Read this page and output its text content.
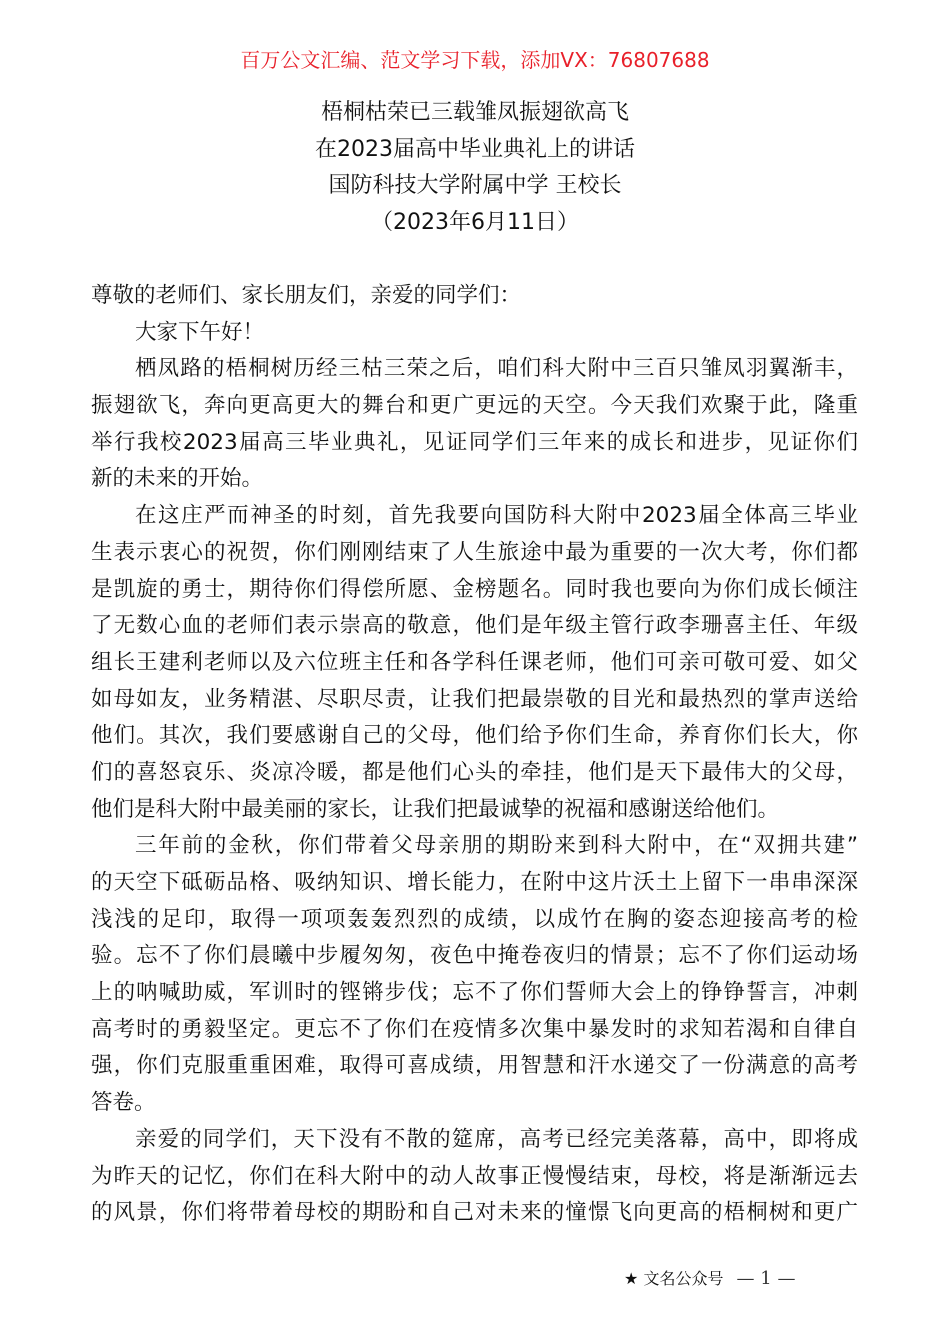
百万公文汇编、范文学习下载，添加VX：76807688
梧桐枯荣已三载雏凤振翅欲高飞
在2023届高中毕业典礼上的讲话
国防科技大学附属中学 王校长
（2023年6月11日）
尊敬的老师们、家长朋友们，亲爱的同学们：
大家下午好！
栖凤路的梧桐树历经三枯三荣之后，咱们科大附中三百只雏凤羽翼渐丰，
振翅欲飞，奔向更高更大的舞台和更广更远的天空。今天我们欢聚于此，隆重
举行我校2023届高三毕业典礼，见证同学们三年来的成长和进步，见证你们
新的未来的开始。
在这庄严而神圣的时刻，首先我要向国防科大附中2023届全体高三毕业
生表示衷心的祝贺，你们刚刚结束了人生旅途中最为重要的一次大考，你们都
是凯旋的勇士，期待你们得偿所愿、金榜题名。同时我也要向为你们成长倾注
了无数心血的老师们表示崇高的敬意，他们是年级主管行政李珊喜主任、年级
组长王建利老师以及六位班主任和各学科任课老师，他们可亲可敬可爱、如父
如母如友，业务精湛、尽职尽责，让我们把最崇敬的目光和最热烈的掌声送给
他们。其次，我们要感谢自己的父母，他们给予你们生命，养育你们长大，你
们的喜怒哀乐、炎凉冷暖，都是他们心头的牵挂，他们是天下最伟大的父母，
他们是科大附中最美丽的家长，让我们把最诚挚的祝福和感谢送给他们。
三年前的金秋，你们带着父母亲朋的期盼来到科大附中，在“双拥共建”
的天空下砥砺品格、吸纳知识、增长能力，在附中这片沃土上留下一串串深深
浅浅的足印，取得一项项轰轰烈烈的成绩，以成竹在胸的姿态迎接高考的检
验。忘不了你们晨曦中步履匆匆，夜色中掩卷夜归的情景；忘不了你们运动场
上的呐喊助威，军训时的铿锵步伐；忘不了你们誓师大会上的铮铮誓言，冲刺
高考时的勇毅坚定。更忘不了你们在疫情多次集中暴发时的求知若渴和自律自
强，你们克服重重困难，取得可喜成绩，用智慧和汗水递交了一份满意的高考
答卷。
亲爱的同学们，天下没有不散的筵席，高考已经完美落幕，高中，即将成
为昨天的记忆，你们在科大附中的动人故事正慢慢结束，母校，将是渐渐远去
的风景，你们将带着母校的期盼和自己对未来的憧憬飞向更高的梧桐树和更广
★ 文名公众号 — 1 —
